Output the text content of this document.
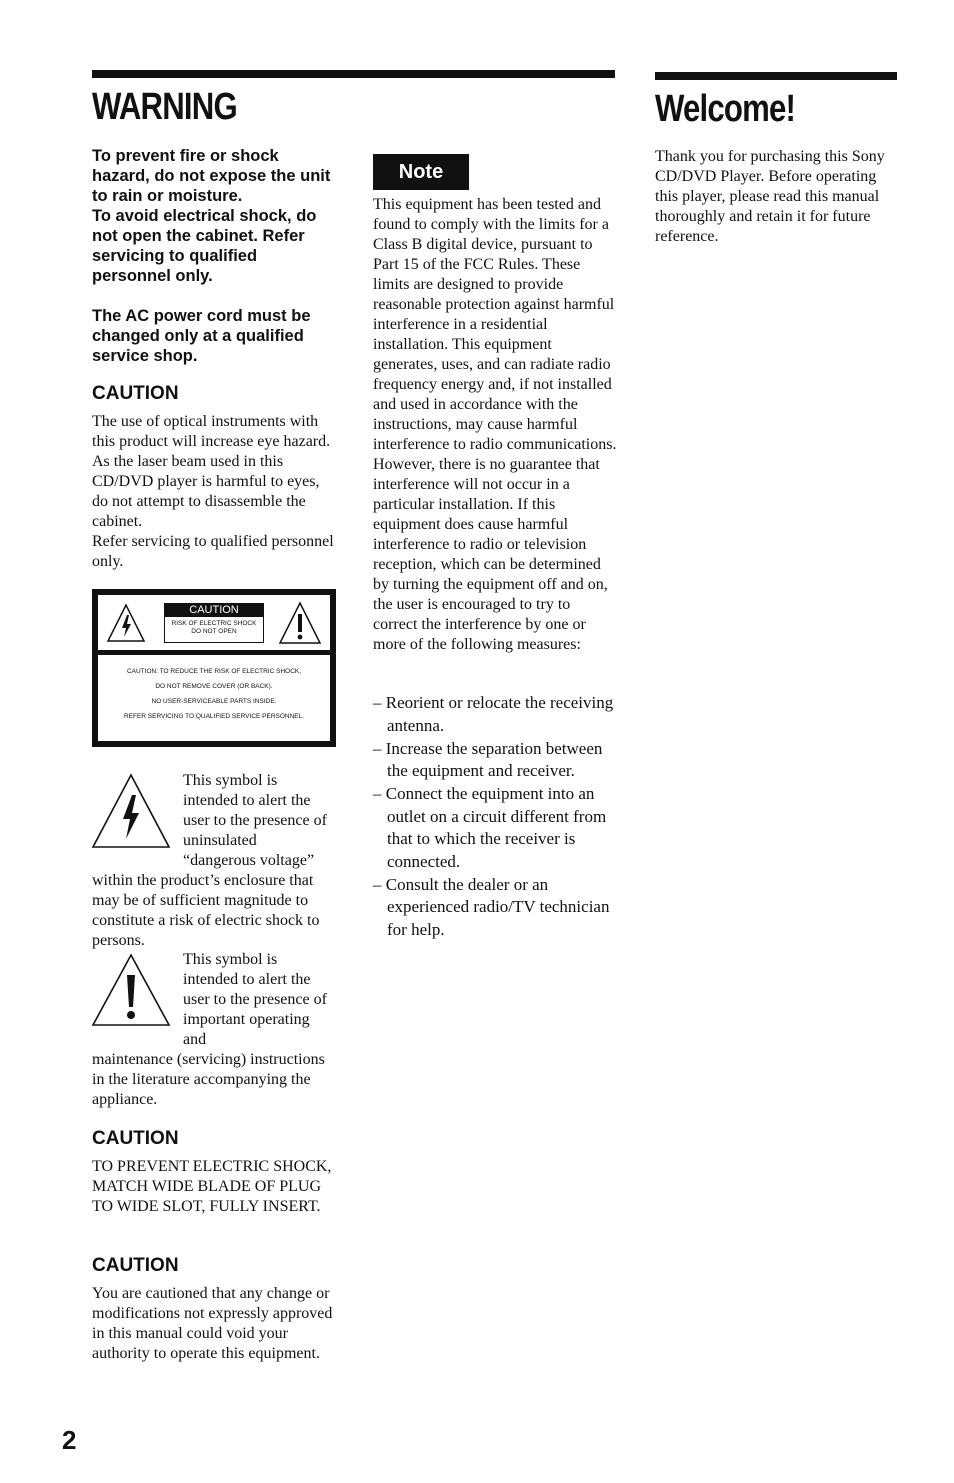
WARNING	Welcome!
To prevent fire or shock hazard, do not expose the unit to rain or moisture.
To avoid electrical shock, do not open the cabinet. Refer servicing to qualified personnel only.
The AC power cord must be changed only at a qualified service shop.
CAUTION

The use of optical instruments with this product will increase eye hazard. As the laser beam used in this CD/DVD player is harmful to eyes, do not attempt to disassemble the cabinet.

Refer servicing to qualified personnel only.

CAUTION
RISK OF ELECTRIC SHOCK
DO NOT OPEN
CAUTION: TO REDUCE THE RISK OF ELECTRIC SHOCK,
DO NOT REMOVE COVER (OR BACK).
NO USER-SERVICEABLE PARTS INSIDE.
REFER SERVICING TO QUALIFIED SERVICE PERSONNEL.
This symbol is intended to alert the user to the presence of uninsulated “dangerous voltage”
within the product’s enclosure that may be of sufficient magnitude to constitute a risk of electric shock to persons.
This symbol is intended to alert the user to the presence of important operating and
maintenance (servicing) instructions in the literature accompanying the appliance.
CAUTION
TO PREVENT ELECTRIC SHOCK, MATCH WIDE BLADE OF PLUG TO WIDE SLOT, FULLY INSERT.
CAUTION
You are cautioned that any change or modifications not expressly approved in this manual could void your authority to operate this equipment.
Note
This equipment has been tested and found to comply with the limits for a Class B digital device, pursuant to Part 15 of the FCC Rules. These limits are designed to provide reasonable protection against harmful interference in a residential installation. This equipment generates, uses, and can radiate radio frequency energy and, if not installed and used in accordance with the instructions, may cause harmful interference to radio communications. However, there is no guarantee that interference will not occur in a particular installation. If this equipment does cause harmful interference to radio or television reception, which can be determined by turning the equipment off and on, the user is encouraged to try to correct the interference by one or more of the following measures:
– Reorient or relocate the receiving antenna.
– Increase the separation between the equipment and receiver.
– Connect the equipment into an outlet on a circuit different from that to which the receiver is connected.
– Consult the dealer or an experienced radio/TV technician for help.
Thank you for purchasing this Sony CD/DVD Player. Before operating this player, please read this manual thoroughly and retain it for future reference.
2
